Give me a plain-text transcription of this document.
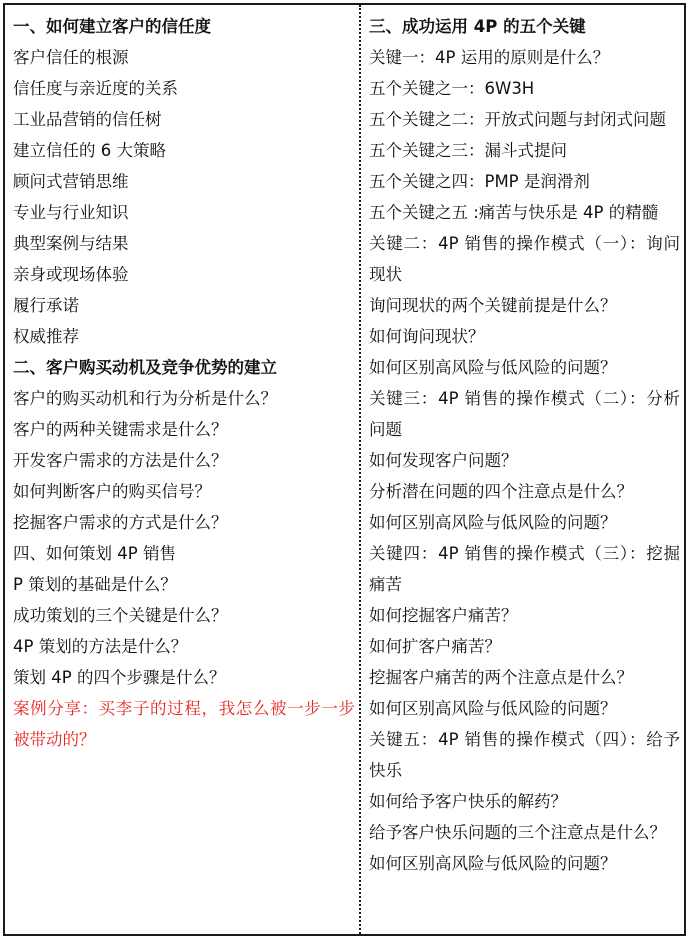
一、如何建立客户的信任度
客户信任的根源
信任度与亲近度的关系
工业品营销的信任树
建立信任的 6 大策略
顾问式营销思维
专业与行业知识
典型案例与结果
亲身或现场体验
履行承诺
权威推荐
二、客户购买动机及竞争优势的建立
客户的购买动机和行为分析是什么？
客户的两种关键需求是什么？
开发客户需求的方法是什么？
如何判断客户的购买信号？
挖掘客户需求的方式是什么？
四、如何策划 4P 销售
P 策划的基础是什么？
成功策划的三个关键是什么？
4P 策划的方法是什么？
策划 4P 的四个步骤是什么？
案例分享：买李子的过程，我怎么被一步一步被带动的？
三、成功运用 4P 的五个关键
关键一：4P 运用的原则是什么？
五个关键之一：6W3H
五个关键之二：开放式问题与封闭式问题
五个关键之三：漏斗式提问
五个关键之四：PMP 是润滑剂
五个关键之五 :痛苦与快乐是 4P 的精髓
关键二：4P 销售的操作模式（一）：询问现状
询问现状的两个关键前提是什么？
如何询问现状？
如何区别高风险与低风险的问题？
关键三：4P 销售的操作模式（二）：分析问题
如何发现客户问题？
分析潜在问题的四个注意点是什么？
如何区别高风险与低风险的问题？
关键四：4P 销售的操作模式（三）：挖掘痛苦
如何挖掘客户痛苦？
如何扩客户痛苦？
挖掘客户痛苦的两个注意点是什么？
如何区别高风险与低风险的问题？
关键五：4P 销售的操作模式（四）：给予快乐
如何给予客户快乐的解药？
给予客户快乐问题的三个注意点是什么？
如何区别高风险与低风险的问题？
